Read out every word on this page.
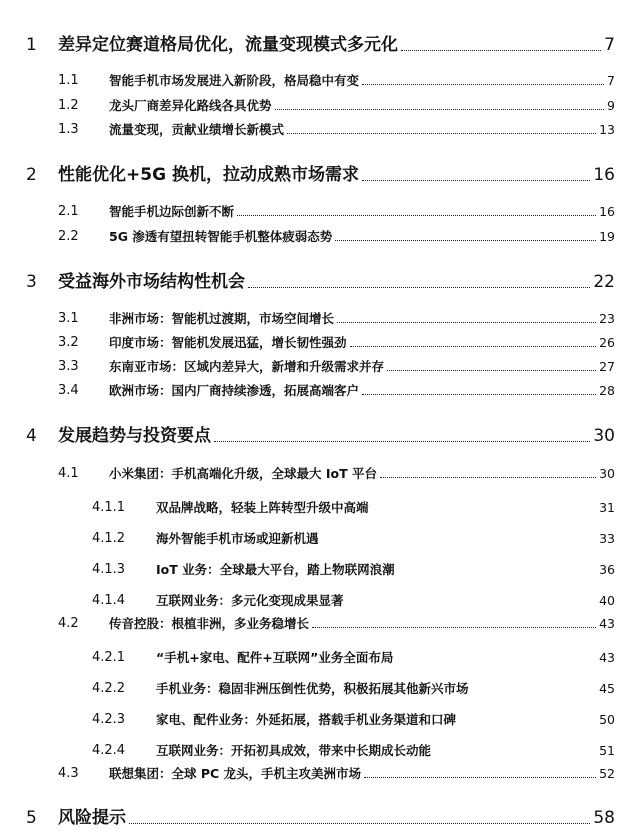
1	差异定位赛道格局优化，流量变现模式多元化	7
1.1	智能手机市场发展进入新阶段，格局稳中有变	7
1.2	龙头厂商差异化路线各具优势	9
1.3	流量变现，贡献业绩增长新模式	13
2	性能优化+5G 换机，拉动成熟市场需求	16
2.1	智能手机边际创新不断	16
2.2	5G 渗透有望扭转智能手机整体疲弱态势	19
3	受益海外市场结构性机会	22
3.1	非洲市场：智能机过渡期，市场空间增长	23
3.2	印度市场：智能机发展迅猛，增长韧性强劲	26
3.3	东南亚市场：区域内差异大，新增和升级需求并存	27
3.4	欧洲市场：国内厂商持续渗透，拓展高端客户	28
4	发展趋势与投资要点	30
4.1	小米集团：手机高端化升级，全球最大 IoT 平台	30
4.1.1	双品牌战略，轻装上阵转型升级中高端	31
4.1.2	海外智能手机市场或迎新机遇	33
4.1.3	IoT 业务：全球最大平台，踏上物联网浪潮	36
4.1.4	互联网业务：多元化变现成果显著	40
4.2	传音控股：根植非洲，多业务稳增长	43
4.2.1	“手机+家电、配件+互联网”业务全面布局	43
4.2.2	手机业务：稳固非洲压倒性优势，积极拓展其他新兴市场	45
4.2.3	家电、配件业务：外延拓展，搭载手机业务渠道和口碑	50
4.2.4	互联网业务：开拓初具成效，带来中长期成长动能	51
4.3	联想集团：全球 PC 龙头，手机主攻美洲市场	52
5	风险提示	58
